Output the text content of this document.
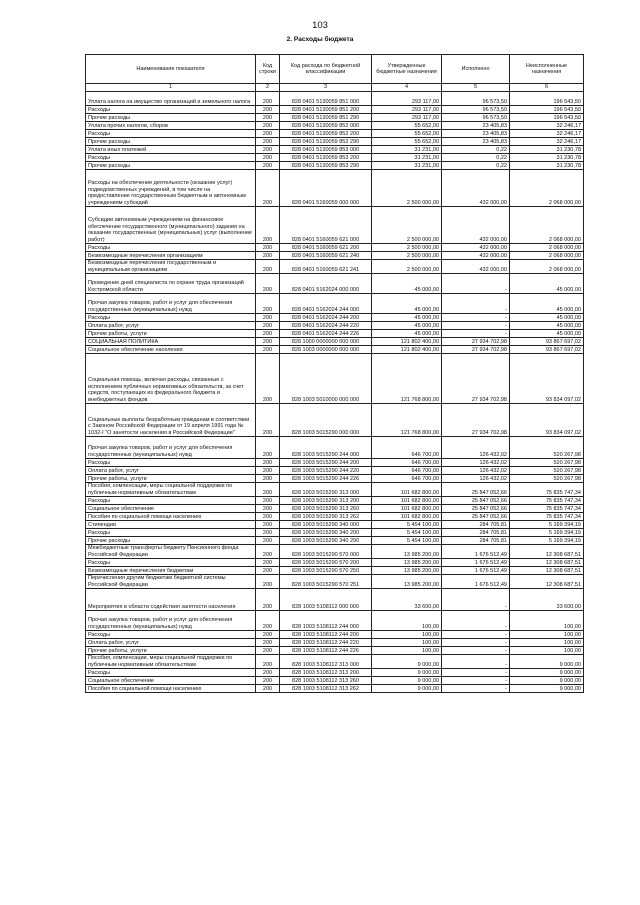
103
2. Расходы бюджета
Наименование показателя	Код строки	Код расхода по бюджетной классификации	Утвержденные бюджетные назначения	Исполнено	Неисполненные назначения
1	2	3	4	5	6
Уплата налога на имущество организаций и земельного налога	200	828 0401 5130059 851 000	293 117,00	96 573,50	196 543,50
Расходы	200	828 0401 5130059 851 200	293 117,00	96 573,50	196 543,50
Прочие расходы	200	828 0401 5130059 851 290	293 117,00	96 573,50	196 543,50
Уплата прочих налогов, сборов	200	828 0401 5130059 852 000	55 652,00	23 405,83	32 246,17
Расходы	200	828 0401 5130059 852 200	55 652,00	23 405,83	32 246,17
Прочие расходы	200	828 0401 5130059 852 290	55 652,00	23 405,83	32 246,17
Уплата иных платежей	200	828 0401 5130059 853 000	31 231,00	0,22	31 230,78
Расходы	200	828 0401 5130059 853 200	31 231,00	0,22	31 230,78
Прочие расходы	200	828 0401 5130059 853 290	31 231,00	0,22	31 230,78
Расходы на обеспечение деятельности (оказание услуг) подведомственных учреждений, в том числе на предоставление государственным бюджетным и автономным учреждениям субсидий	200	828 0401 5160059 000 000	2 500 000,00	432 000,00	2 068 000,00
Субсидии автономным учреждениям на финансовое обеспечение государственного (муниципального) задания на оказание государственных (муниципальных) услуг (выполнение работ)	200	828 0401 5160059 621 000	2 500 000,00	432 000,00	2 068 000,00
Расходы	200	828 0401 5160059 621 200	2 500 000,00	432 000,00	2 068 000,00
Безвозмездные перечисления организациям	200	828 0401 5160059 621 240	2 500 000,00	432 000,00	2 068 000,00
Безвозмездные перечисления государственным и муниципальным организациям	200	828 0401 5160059 621 241	2 500 000,00	432 000,00	2 068 000,00
Проведение дней специалиста по охране труда организаций Костромской области	200	828 0401 5162024 000 000	45 000,00	-	45 000,00
Прочая закупка товаров, работ и услуг для обеспечения государственных (муниципальных) нужд	200	828 0401 5162024 244 000	45 000,00	-	45 000,00
Расходы	200	828 0401 5162024 244 200	45 000,00	-	45 000,00
Оплата работ, услуг	200	828 0401 5162024 244 220	45 000,00	-	45 000,00
Прочие работы, услуги	200	828 0401 5162024 244 226	45 000,00	-	45 000,00
СОЦИАЛЬНАЯ ПОЛИТИКА	200	828 1000 0000000 000 000	121 802 400,00	27 934 702,98	93 867 697,02
Социальное обеспечение населения	200	828 1003 0000000 000 000	121 802 400,00	27 934 702,98	93 867 697,02
Социальная помощь, включая расходы, связанные с исполнением публичных нормативных обязательств, за счет средств, поступающих из федерального бюджета и внебюджетных фондов	200	828 1003 5010000 000 000	121 768 800,00	27 934 702,98	93 834 097,02
Социальные выплаты безработным гражданам в соответствии с Законом Российской Федерации от 19 апреля 1991 года № 1032-I "О занятости населения в Российской Федерации"	200	828 1003 5015290 000 000	121 768 800,00	27 934 702,98	93 834 097,02
Прочая закупка товаров, работ и услуг для обеспечения государственных (муниципальных) нужд	200	828 1003 5015290 244 000	646 700,00	126 432,02	520 267,98
Расходы	200	828 1003 5015290 244 200	646 700,00	126 432,02	520 267,98
Оплата работ, услуг	200	828 1003 5015290 244 220	646 700,00	126 432,02	520 267,98
Прочие работы, услуги	200	828 1003 5015290 244 226	646 700,00	126 432,02	520 267,98
Пособия, компенсации, меры социальной поддержки по публичным нормативным обязательствам	200	828 1003 5015290 313 000	101 682 800,00	25 847 052,66	75 835 747,34
Расходы	200	828 1003 5015290 313 200	101 682 800,00	25 847 052,66	75 835 747,34
Социальное обеспечение	200	828 1003 5015290 313 260	101 682 800,00	25 847 052,66	75 835 747,34
Пособия по социальной помощи населению	200	828 1003 5015290 313 262	101 682 800,00	25 847 052,66	75 835 747,34
Стипендии	200	828 1003 5015290 340 000	5 454 100,00	284 705,81	5 169 394,19
Расходы	200	828 1003 5015290 340 200	5 454 100,00	284 705,81	5 169 394,19
Прочие расходы	200	828 1003 5015290 340 290	5 454 100,00	284 705,81	5 169 394,19
Межбюджетные трансферты бюджету Пенсионного фонда Российской Федерации	200	828 1003 5015290 570 000	13 985 200,00	1 676 512,49	12 308 687,51
Расходы	200	828 1003 5015290 570 200	13 985 200,00	1 676 512,49	12 308 687,51
Безвозмездные перечисления бюджетам	200	828 1003 5015290 570 250	13 985 200,00	1 676 512,49	12 308 687,51
Перечисления другим бюджетам бюджетной системы Российской Федерации	200	828 1003 5015290 570 251	13 985 200,00	1 676 512,49	12 308 687,51
Мероприятия в области содействия занятости населения	200	828 1003 5108112 000 000	33 600,00	-	33 600,00
Прочая закупка товаров, работ и услуг для обеспечения государственных (муниципальных) нужд	200	828 1003 5108112 244 000	100,00	-	100,00
Расходы	200	828 1003 5108112 244 200	100,00	-	100,00
Оплата работ, услуг	200	828 1003 5108112 244 220	100,00	-	100,00
Прочие работы, услуги	200	828 1003 5108112 244 226	100,00	-	100,00
Пособия, компенсации, меры социальной поддержки по публичным нормативным обязательствам	200	828 1003 5108112 313 000	9 000,00	-	9 000,00
Расходы	200	828 1003 5108112 313 200	9 000,00	-	9 000,00
Социальное обеспечение	200	828 1003 5108112 313 260	9 000,00	-	9 000,00
Пособия по социальной помощи населению	200	828 1003 5108112 313 262	9 000,00	-	9 000,00
